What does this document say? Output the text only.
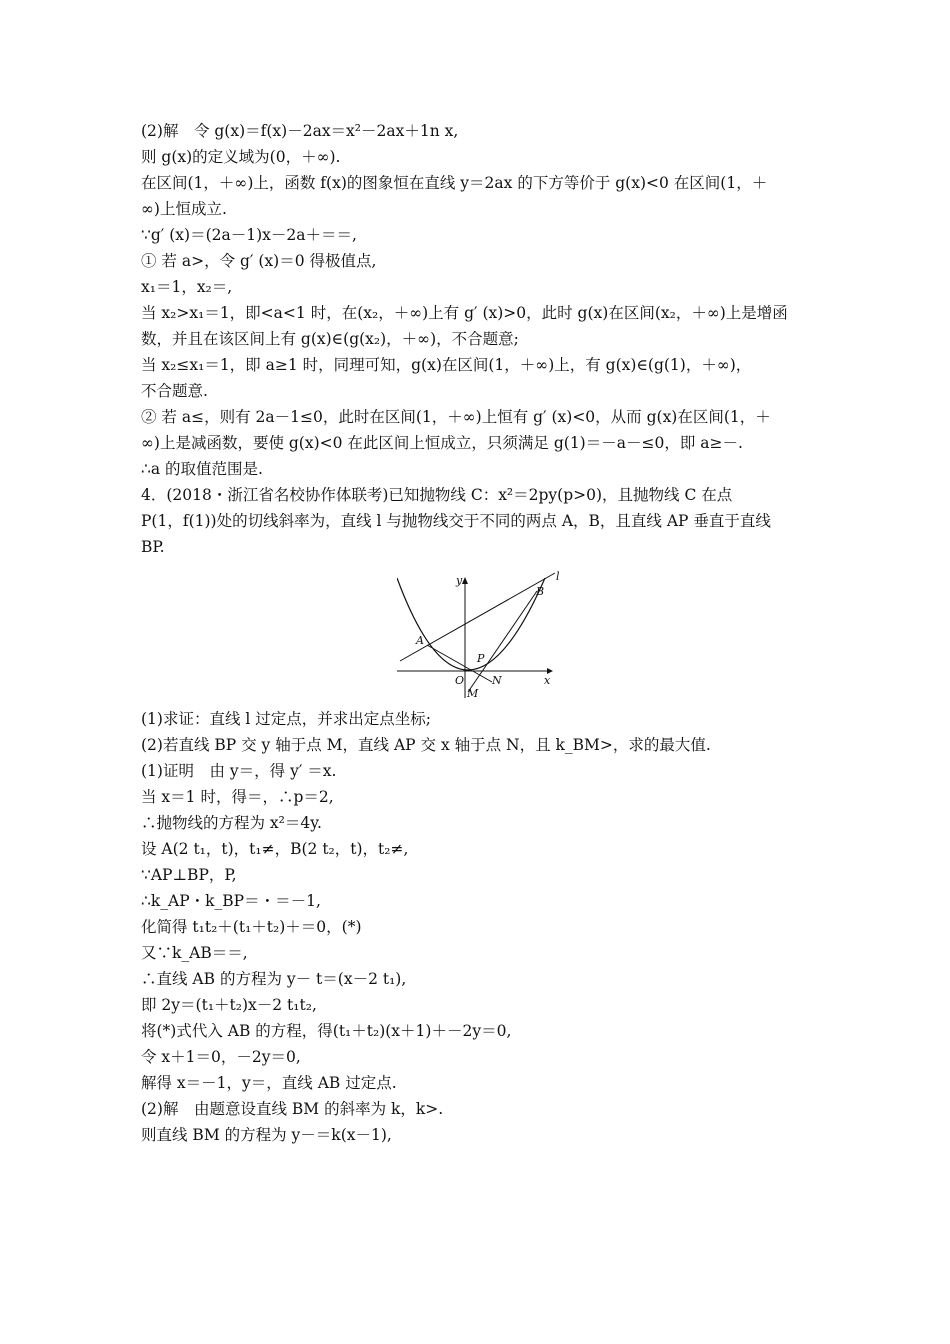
(2)解　令 g(x)＝f(x)－2ax＝x²－2ax＋1n x,
则 g(x)的定义域为(0，＋∞).
在区间(1，＋∞)上，函数 f(x)的图象恒在直线 y＝2ax 的下方等价于 g(x)<0 在区间(1，＋
∞)上恒成立.
∵g′ (x)＝(2a－1)x－2a＋＝＝,
① 若 a>，令 g′ (x)＝0 得极值点,
x₁＝1，x₂＝,
当 x₂>x₁＝1，即<a<1 时，在(x₂，＋∞)上有 g′ (x)>0，此时 g(x)在区间(x₂，＋∞)上是增函
数，并且在该区间上有 g(x)∈(g(x₂)，＋∞)，不合题意;
当 x₂≤x₁＝1，即 a≥1 时，同理可知，g(x)在区间(1，＋∞)上，有 g(x)∈(g(1)，＋∞)，
不合题意.
② 若 a≤，则有 2a－1≤0，此时在区间(1，＋∞)上恒有 g′ (x)<0，从而 g(x)在区间(1，＋
∞)上是减函数，要使 g(x)<0 在此区间上恒成立，只须满足 g(1)＝－a－≤0，即 a≥－.
∴a 的取值范围是.
4．(2018・浙江省名校协作体联考)已知抛物线 C：x²＝2py(p>0)，且抛物线 C 在点
P(1，f(1))处的切线斜率为，直线 l 与抛物线交于不同的两点 A，B，且直线 AP 垂直于直线
BP.
y
x
l
A
B
P
O
M
N
(1)求证：直线 l 过定点，并求出定点坐标;
(2)若直线 BP 交 y 轴于点 M，直线 AP 交 x 轴于点 N，且 k_BM>，求的最大值.
(1)证明　由 y＝，得 y′ ＝x.
当 x＝1 时，得＝，∴p＝2,
∴抛物线的方程为 x²＝4y.
设 A(2 t₁，t)，t₁≠，B(2 t₂，t)，t₂≠,
∵AP⊥BP，P,
∴k_AP・k_BP＝・＝－1,
化简得 t₁t₂＋(t₁＋t₂)＋＝0，(*)
又∵k_AB＝＝,
∴直线 AB 的方程为 y－ t＝(x－2 t₁),
即 2y＝(t₁＋t₂)x－2 t₁t₂,
将(*)式代入 AB 的方程，得(t₁＋t₂)(x＋1)＋－2y＝0,
令 x＋1＝0，－2y＝0,
解得 x＝－1，y＝，直线 AB 过定点.
(2)解　由题意设直线 BM 的斜率为 k，k>.
则直线 BM 的方程为 y－＝k(x－1),
